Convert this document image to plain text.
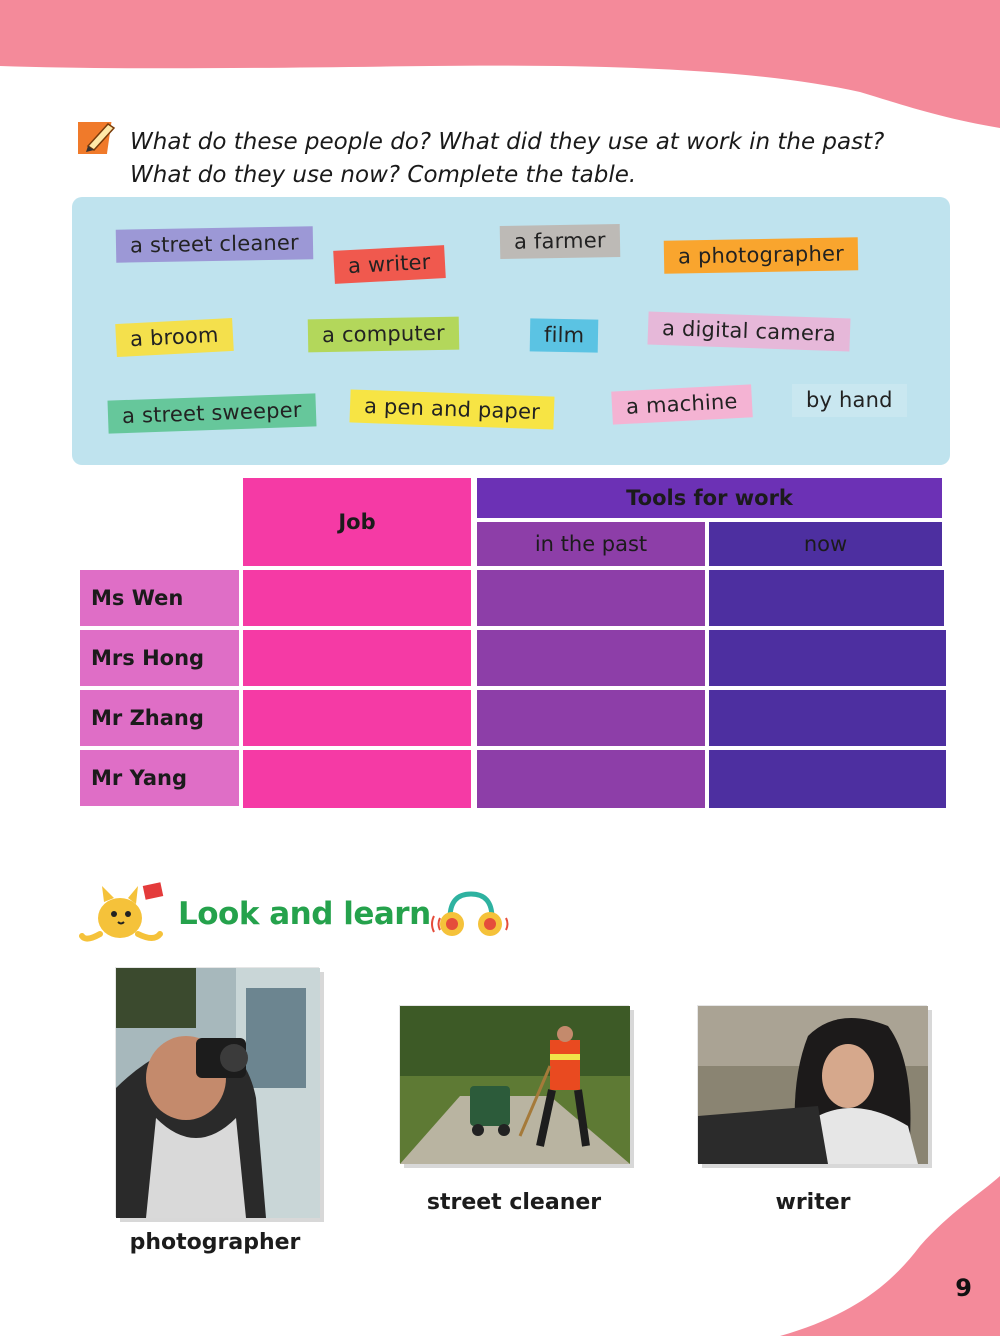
What do these people do? What did they use at work in the past?
What do they use now? Complete the table.
a street cleaner
a writer
a farmer
a photographer
a broom	a computer	film	a digital camera
a street sweeper	a pen and paper	a machine	by hand
Job
Tools for work
in the past	now
Ms Wen
Mrs Hong
Mr Zhang
Mr Yang
Look and learn
photographer
street cleaner	writer
9
